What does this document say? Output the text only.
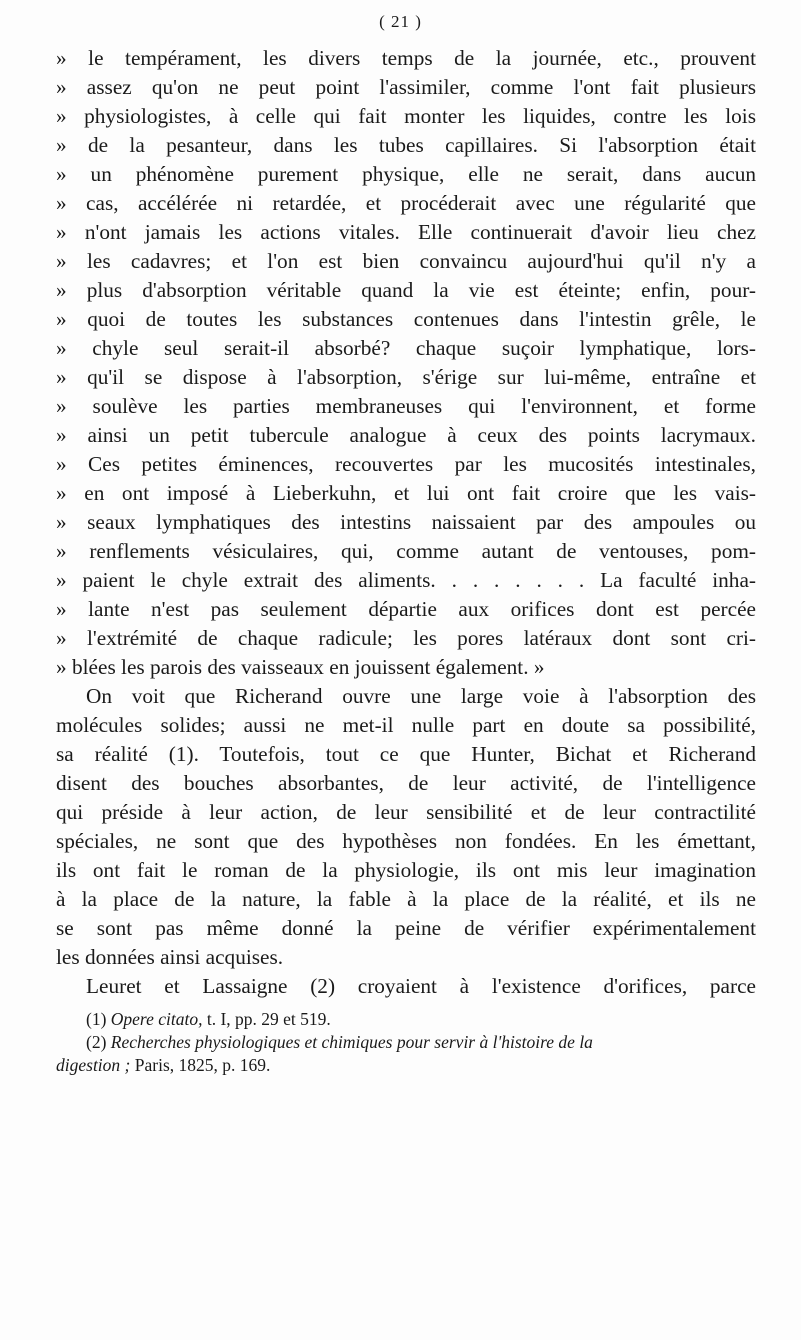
( 21 )
» le tempérament, les divers temps de la journée, etc., prouvent
» assez qu'on ne peut point l'assimiler, comme l'ont fait plusieurs
» physiologistes, à celle qui fait monter les liquides, contre les lois
» de la pesanteur, dans les tubes capillaires. Si l'absorption était
» un phénomène purement physique, elle ne serait, dans aucun
» cas, accélérée ni retardée, et procéderait avec une régularité que
» n'ont jamais les actions vitales. Elle continuerait d'avoir lieu chez
» les cadavres; et l'on est bien convaincu aujourd'hui qu'il n'y a
» plus d'absorption véritable quand la vie est éteinte; enfin, pour-
» quoi de toutes les substances contenues dans l'intestin grêle, le
» chyle seul serait-il absorbé? chaque suçoir lymphatique, lors-
» qu'il se dispose à l'absorption, s'érige sur lui-même, entraîne et
» soulève les parties membraneuses qui l'environnent, et forme
» ainsi un petit tubercule analogue à ceux des points lacrymaux.
» Ces petites éminences, recouvertes par les mucosités intestinales,
» en ont imposé à Lieberkuhn, et lui ont fait croire que les vais-
» seaux lymphatiques des intestins naissaient par des ampoules ou
» renflements vésiculaires, qui, comme autant de ventouses, pom-
» paient le chyle extrait des aliments. . . . . . . . La faculté inha-
» lante n'est pas seulement départie aux orifices dont est percée
» l'extrémité de chaque radicule; les pores latéraux dont sont cri-
» blées les parois des vaisseaux en jouissent également. »
On voit que Richerand ouvre une large voie à l'absorption des
molécules solides; aussi ne met-il nulle part en doute sa possibilité,
sa réalité (1). Toutefois, tout ce que Hunter, Bichat et Richerand
disent des bouches absorbantes, de leur activité, de l'intelligence
qui préside à leur action, de leur sensibilité et de leur contractilité
spéciales, ne sont que des hypothèses non fondées. En les émettant,
ils ont fait le roman de la physiologie, ils ont mis leur imagination
à la place de la nature, la fable à la place de la réalité, et ils ne
se sont pas même donné la peine de vérifier expérimentalement
les données ainsi acquises.
Leuret et Lassaigne (2) croyaient à l'existence d'orifices, parce
(1) Opere citato, t. I, pp. 29 et 519.
(2) Recherches physiologiques et chimiques pour servir à l'histoire de la
digestion ; Paris, 1825, p. 169.
